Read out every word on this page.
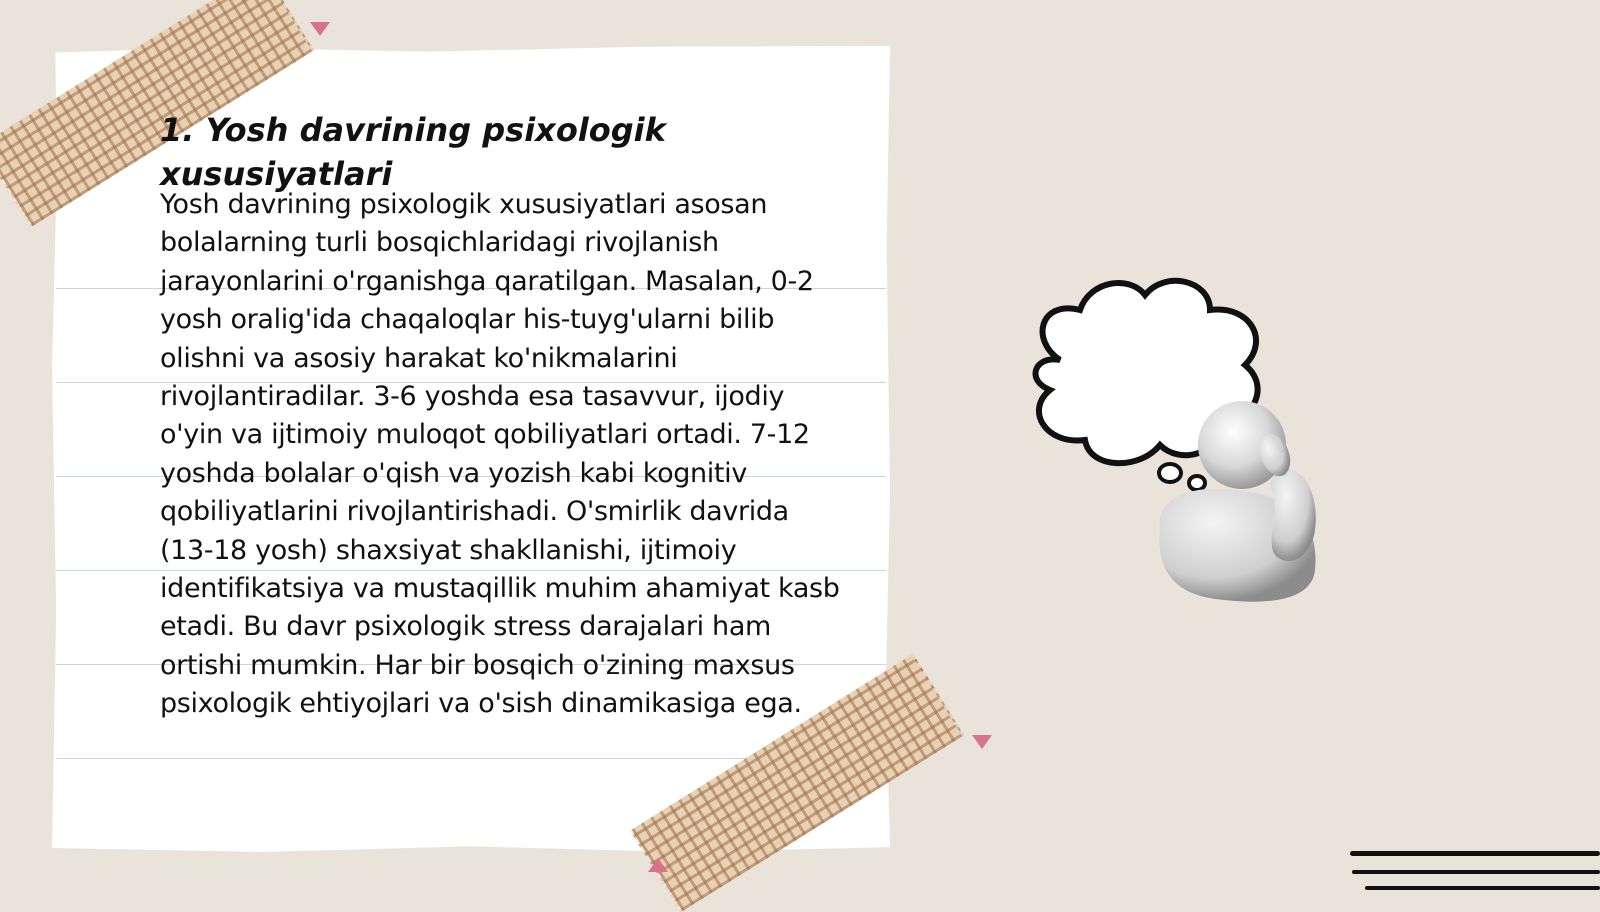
1. Yosh davrining psixologik xususiyatlari

Yosh davrining psixologik xususiyatlari asosan bolalarning turli bosqichlaridagi rivojlanish jarayonlarini o'rganishga qaratilgan. Masalan, 0-2 yosh oralig'ida chaqaloqlar his-tuyg'ularni bilib olishni va asosiy harakat ko'nikmalarini rivojlantiradilar. 3-6 yoshda esa tasavvur, ijodiy o'yin va ijtimoiy muloqot qobiliyatlari ortadi. 7-12 yoshda bolalar o'qish va yozish kabi kognitiv qobiliyatlarini rivojlantirishadi. O'smirlik davrida (13-18 yosh) shaxsiyat shakllanishi, ijtimoiy identifikatsiya va mustaqillik muhim ahamiyat kasb etadi. Bu davr psixologik stress darajalari ham ortishi mumkin. Har bir bosqich o'zining maxsus psixologik ehtiyojlari va o'sish dinamikasiga ega.
